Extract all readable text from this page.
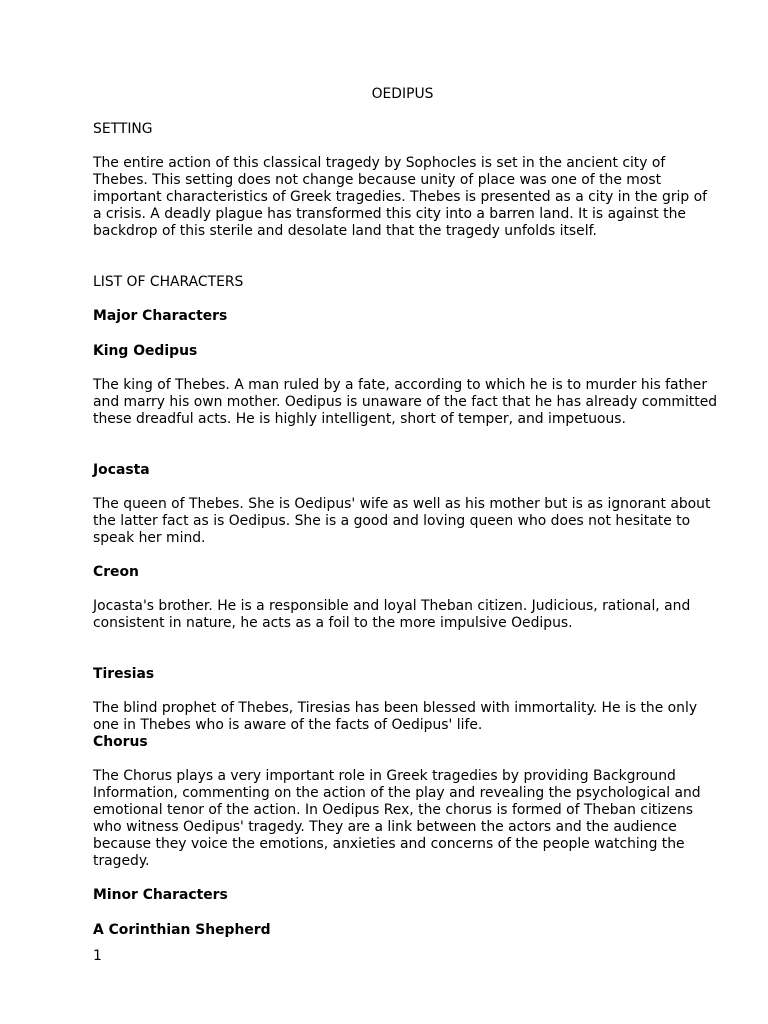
OEDIPUS
SETTING
The entire action of this classical tragedy by Sophocles is set in the ancient city of Thebes. This setting does not change because unity of place was one of the most important characteristics of Greek tragedies. Thebes is presented as a city in the grip of a crisis. A deadly plague has transformed this city into a barren land. It is against the backdrop of this sterile and desolate land that the tragedy unfolds itself.
LIST OF CHARACTERS
Major Characters
King Oedipus
The king of Thebes. A man ruled by a fate, according to which he is to murder his father and marry his own mother. Oedipus is unaware of the fact that he has already committed these dreadful acts. He is highly intelligent, short of temper, and impetuous.
Jocasta
The queen of Thebes. She is Oedipus' wife as well as his mother but is as ignorant about the latter fact as is Oedipus. She is a good and loving queen who does not hesitate to speak her mind.
Creon
Jocasta's brother. He is a responsible and loyal Theban citizen. Judicious, rational, and consistent in nature, he acts as a foil to the more impulsive Oedipus.
Tiresias
The blind prophet of Thebes, Tiresias has been blessed with immortality. He is the only one in Thebes who is aware of the facts of Oedipus' life.
Chorus
The Chorus plays a very important role in Greek tragedies by providing Background Information, commenting on the action of the play and revealing the psychological and emotional tenor of the action. In Oedipus Rex, the chorus is formed of Theban citizens who witness Oedipus' tragedy. They are a link between the actors and the audience because they voice the emotions, anxieties and concerns of the people watching the tragedy.
Minor Characters
A Corinthian Shepherd
1
